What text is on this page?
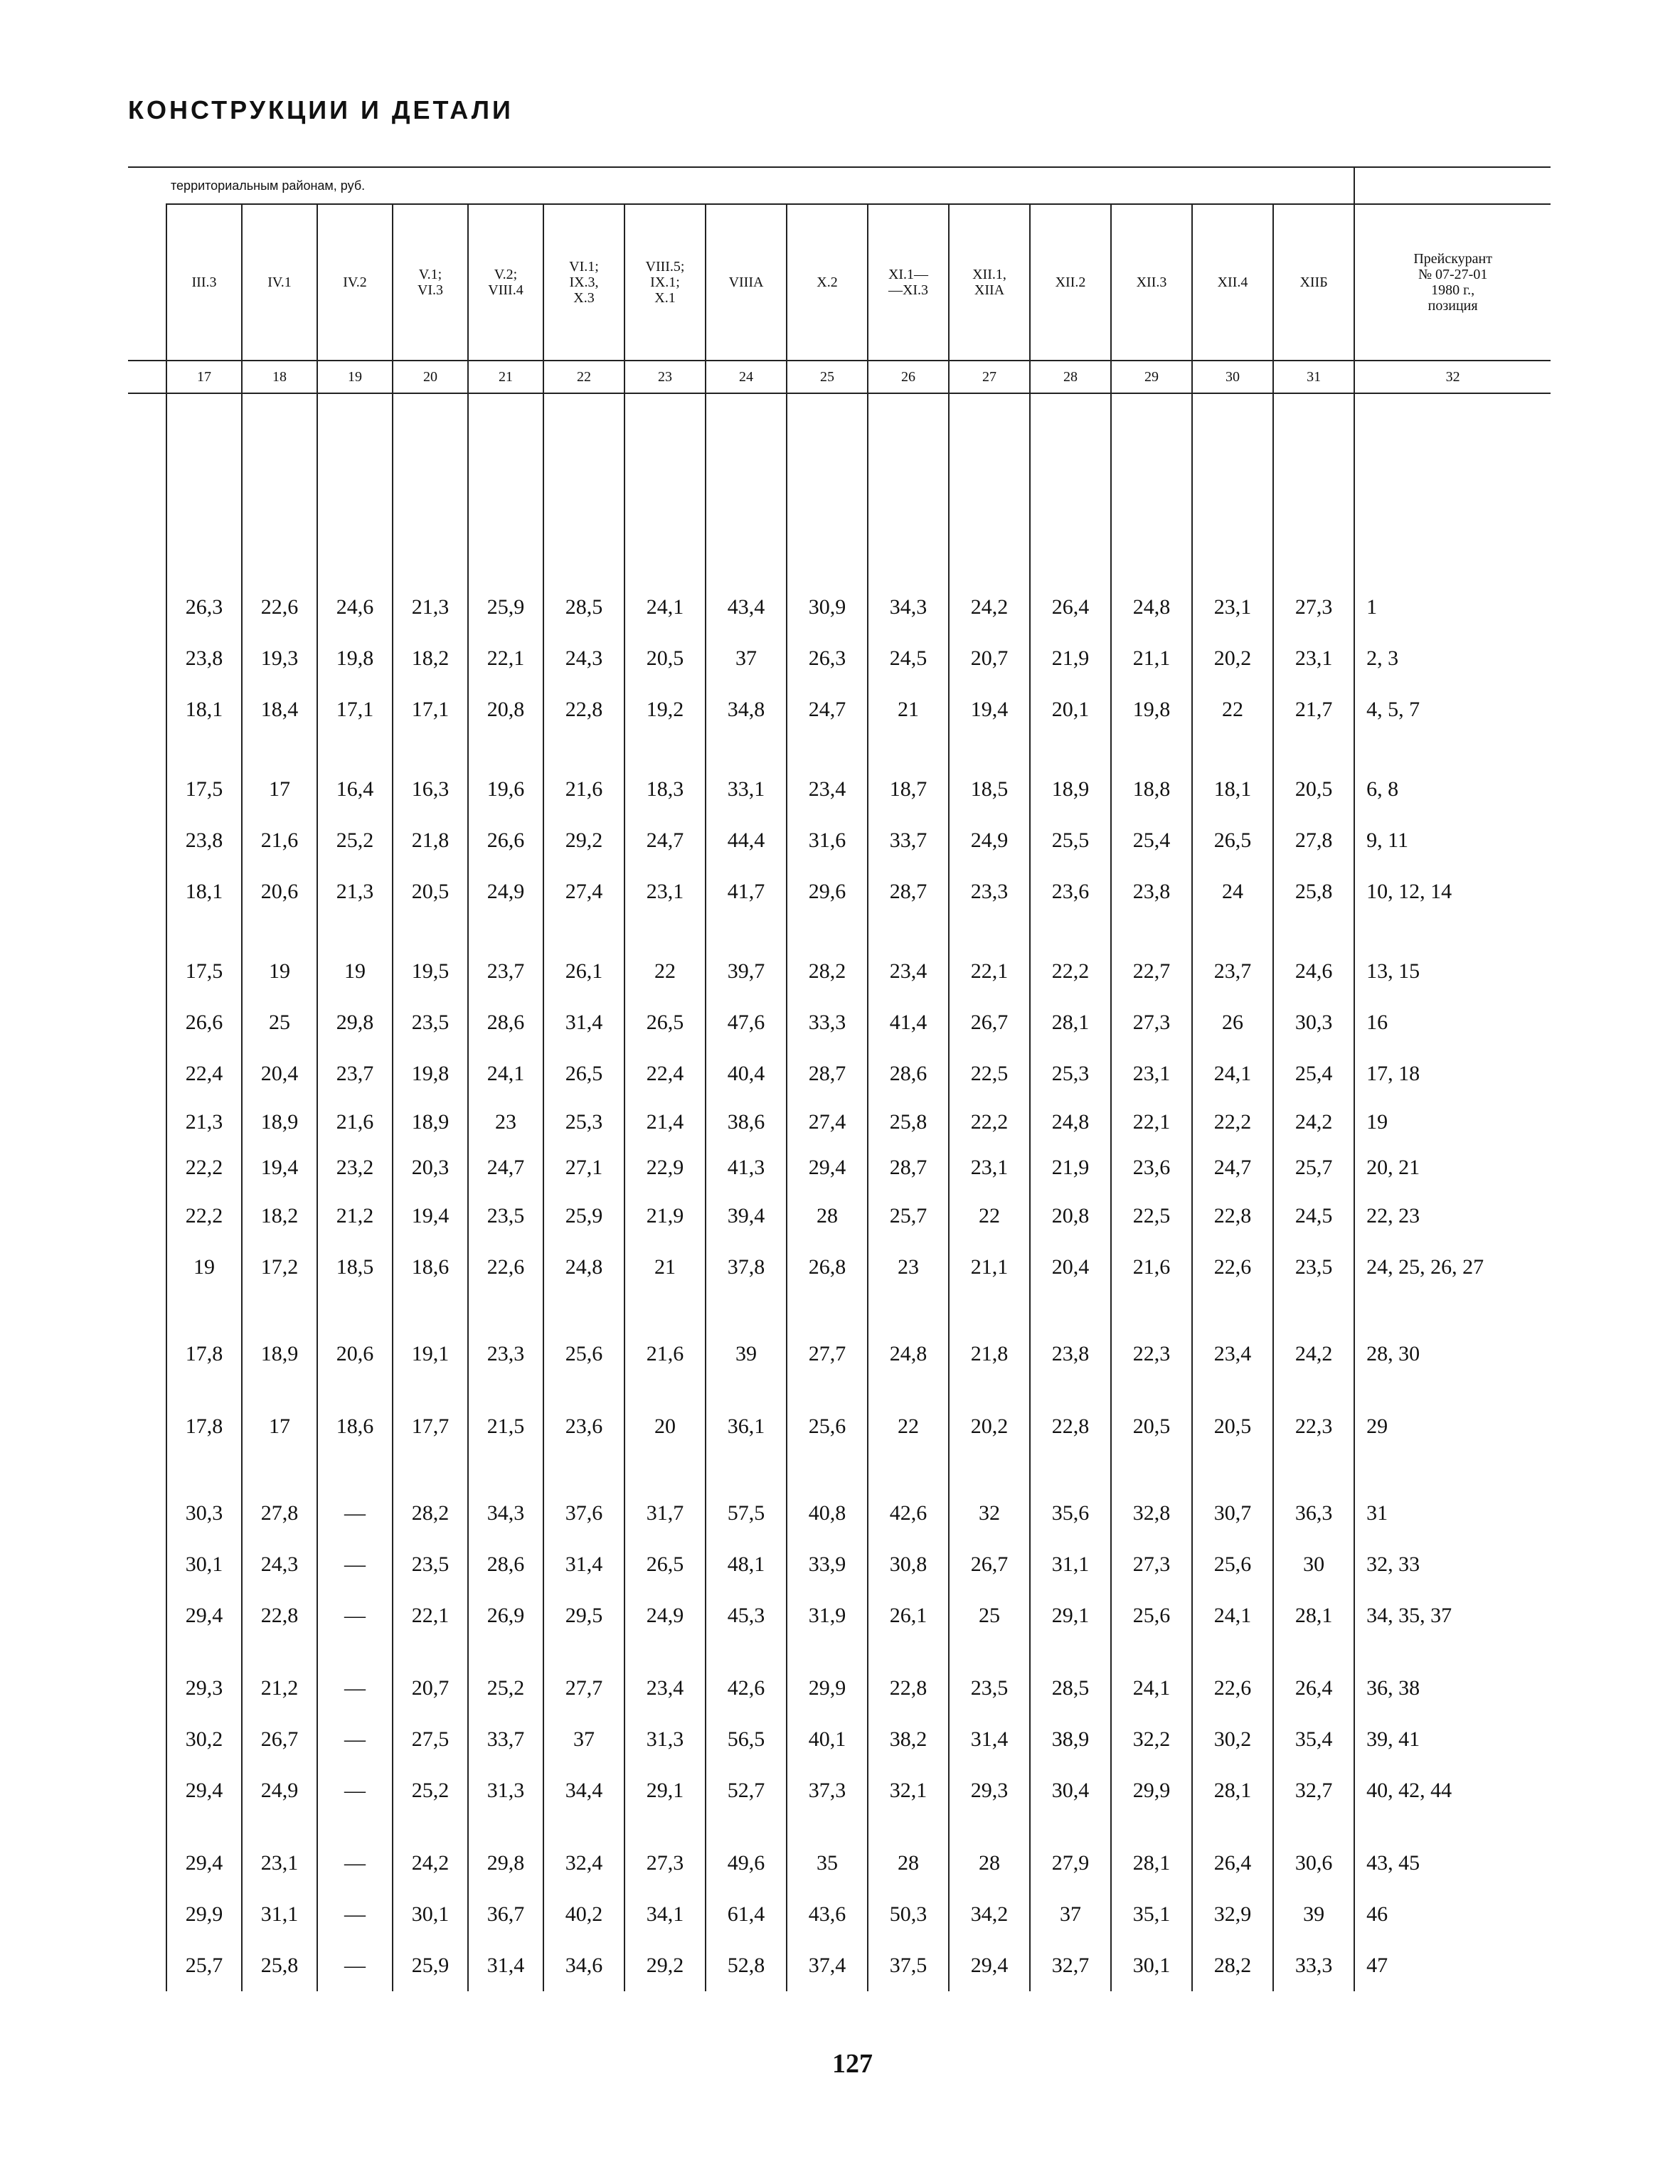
КОНСТРУКЦИИ И ДЕТАЛИ
территориальным районам, руб.																
	III.3	IV.1	IV.2	V.1;
VI.3	V.2;
VIII.4	VI.1;
IX.3,
X.3	VIII.5;
IX.1;
X.1	VIIIA	X.2	XI.1—
—XI.3	XII.1,
XIIA	XII.2	XII.3	XII.4	XIIБ	Прейскурант
№ 07-27-01
1980 г.,
позиция
	17	18	19	20	21	22	23	24	25	26	27	28	29	30	31	32

	26,3	22,6	24,6	21,3	25,9	28,5	24,1	43,4	30,9	34,3	24,2	26,4	24,8	23,1	27,3	1
	23,8	19,3	19,8	18,2	22,1	24,3	20,5	37	26,3	24,5	20,7	21,9	21,1	20,2	23,1	2, 3
	18,1	18,4	17,1	17,1	20,8	22,8	19,2	34,8	24,7	21	19,4	20,1	19,8	22	21,7	4, 5, 7
	17,5	17	16,4	16,3	19,6	21,6	18,3	33,1	23,4	18,7	18,5	18,9	18,8	18,1	20,5	6, 8
	23,8	21,6	25,2	21,8	26,6	29,2	24,7	44,4	31,6	33,7	24,9	25,5	25,4	26,5	27,8	9, 11
	18,1	20,6	21,3	20,5	24,9	27,4	23,1	41,7	29,6	28,7	23,3	23,6	23,8	24	25,8	10, 12, 14
	17,5	19	19	19,5	23,7	26,1	22	39,7	28,2	23,4	22,1	22,2	22,7	23,7	24,6	13, 15
	26,6	25	29,8	23,5	28,6	31,4	26,5	47,6	33,3	41,4	26,7	28,1	27,3	26	30,3	16
	22,4	20,4	23,7	19,8	24,1	26,5	22,4	40,4	28,7	28,6	22,5	25,3	23,1	24,1	25,4	17, 18
	21,3	18,9	21,6	18,9	23	25,3	21,4	38,6	27,4	25,8	22,2	24,8	22,1	22,2	24,2	19
	22,2	19,4	23,2	20,3	24,7	27,1	22,9	41,3	29,4	28,7	23,1	21,9	23,6	24,7	25,7	20, 21
	22,2	18,2	21,2	19,4	23,5	25,9	21,9	39,4	28	25,7	22	20,8	22,5	22,8	24,5	22, 23
	19	17,2	18,5	18,6	22,6	24,8	21	37,8	26,8	23	21,1	20,4	21,6	22,6	23,5	24, 25, 26, 27
	17,8	18,9	20,6	19,1	23,3	25,6	21,6	39	27,7	24,8	21,8	23,8	22,3	23,4	24,2	28, 30
	17,8	17	18,6	17,7	21,5	23,6	20	36,1	25,6	22	20,2	22,8	20,5	20,5	22,3	29
	30,3	27,8	—	28,2	34,3	37,6	31,7	57,5	40,8	42,6	32	35,6	32,8	30,7	36,3	31
	30,1	24,3	—	23,5	28,6	31,4	26,5	48,1	33,9	30,8	26,7	31,1	27,3	25,6	30	32, 33
	29,4	22,8	—	22,1	26,9	29,5	24,9	45,3	31,9	26,1	25	29,1	25,6	24,1	28,1	34, 35, 37
	29,3	21,2	—	20,7	25,2	27,7	23,4	42,6	29,9	22,8	23,5	28,5	24,1	22,6	26,4	36, 38
	30,2	26,7	—	27,5	33,7	37	31,3	56,5	40,1	38,2	31,4	38,9	32,2	30,2	35,4	39, 41
	29,4	24,9	—	25,2	31,3	34,4	29,1	52,7	37,3	32,1	29,3	30,4	29,9	28,1	32,7	40, 42, 44
	29,4	23,1	—	24,2	29,8	32,4	27,3	49,6	35	28	28	27,9	28,1	26,4	30,6	43, 45
	29,9	31,1	—	30,1	36,7	40,2	34,1	61,4	43,6	50,3	34,2	37	35,1	32,9	39	46
	25,7	25,8	—	25,9	31,4	34,6	29,2	52,8	37,4	37,5	29,4	32,7	30,1	28,2	33,3	47

127
